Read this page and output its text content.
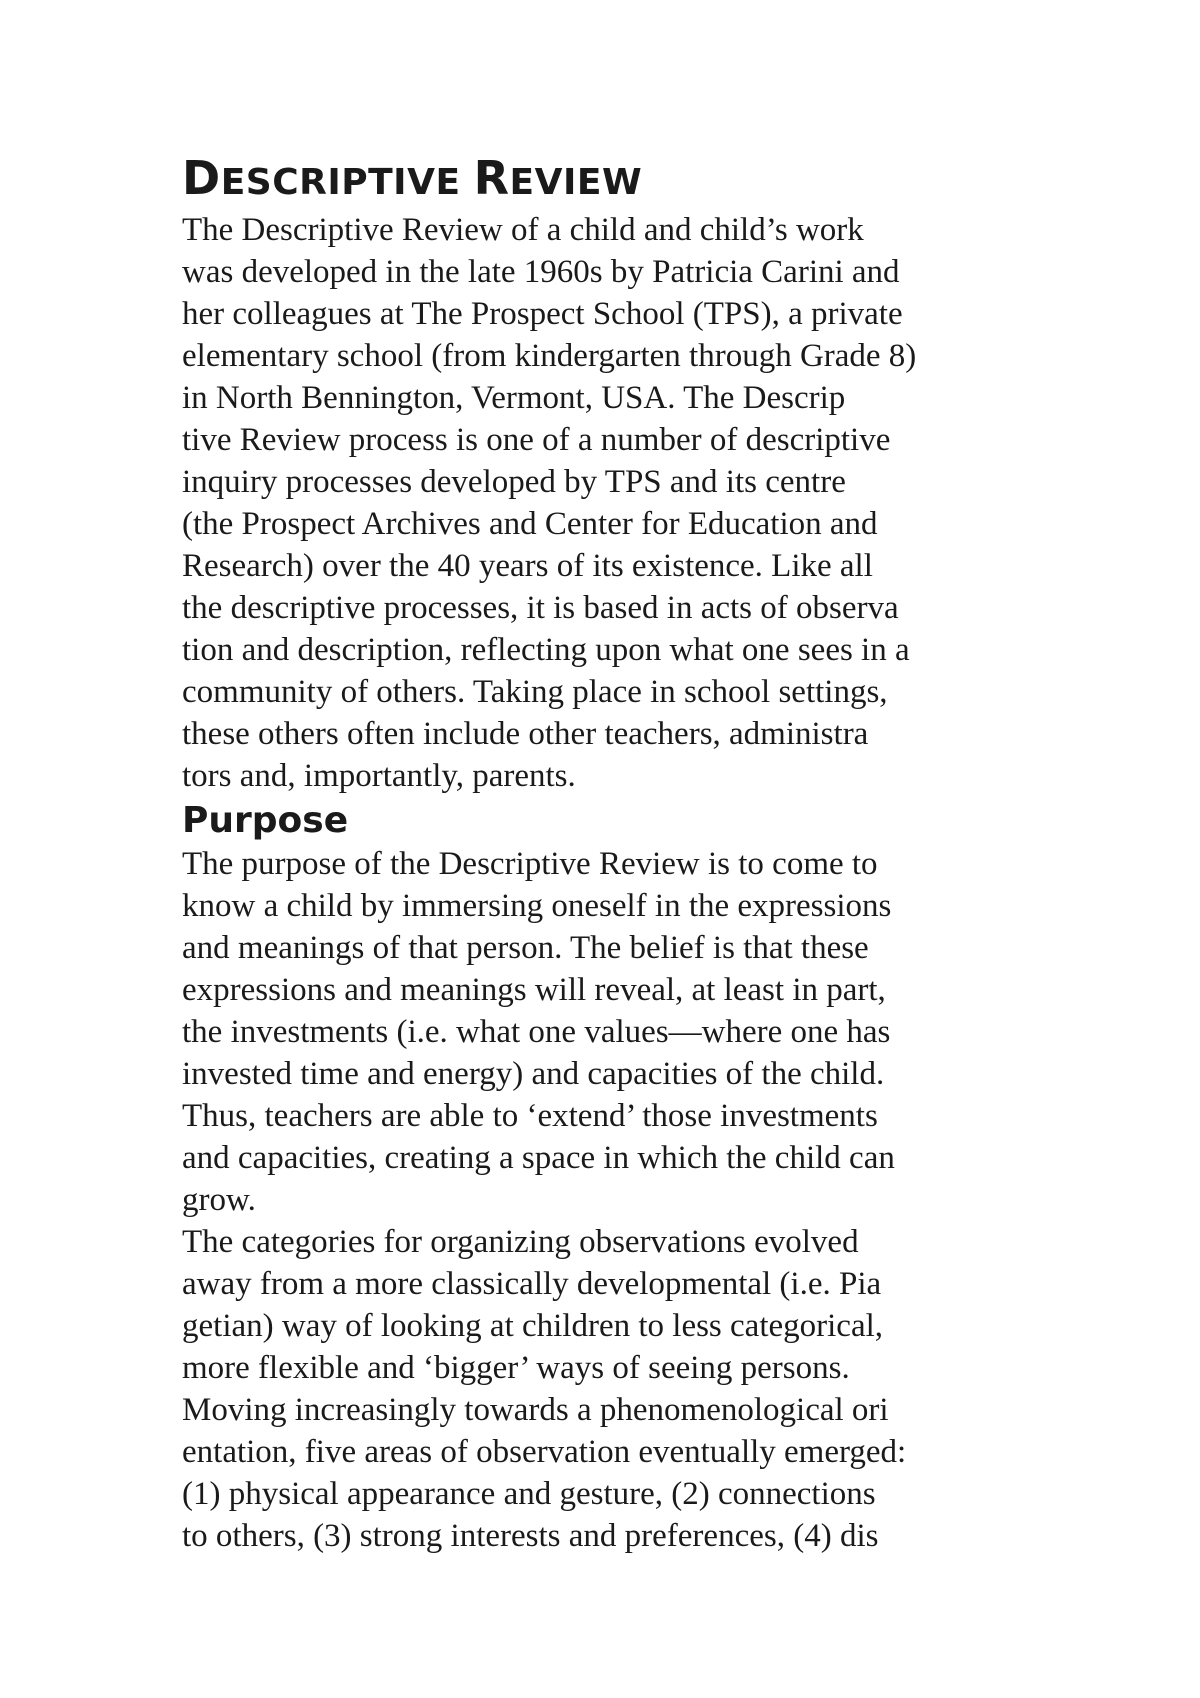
DESCRIPTIVE REVIEW

The Descriptive Review of a child and child’s work

was developed in the late 1960s by Patricia Carini and

her colleagues at The Prospect School (TPS), a private

elementary school (from kindergarten through Grade 8)

in North Bennington, Vermont, USA. The Descrip

tive Review process is one of a number of descriptive

inquiry processes developed by TPS and its centre

(the Prospect Archives and Center for Education and

Research) over the 40 years of its existence. Like all

the descriptive processes, it is based in acts of observa

tion and description, reflecting upon what one sees in a

community of others. Taking place in school settings,

these others often include other teachers, administra

tors and, importantly, parents.

Purpose

The purpose of the Descriptive Review is to come to

know a child by immersing oneself in the expressions

and meanings of that person. The belief is that these

expressions and meanings will reveal, at least in part,

the investments (i.e. what one values—where one has

invested time and energy) and capacities of the child.

Thus, teachers are able to ‘extend’ those investments

and capacities, creating a space in which the child can

grow.

The categories for organizing observations evolved

away from a more classically developmental (i.e. Pia

getian) way of looking at children to less categorical,

more flexible and ‘bigger’ ways of seeing persons.

Moving increasingly towards a phenomenological ori

entation, five areas of observation eventually emerged:

(1) physical appearance and gesture, (2) connections

to others, (3) strong interests and preferences, (4) dis
